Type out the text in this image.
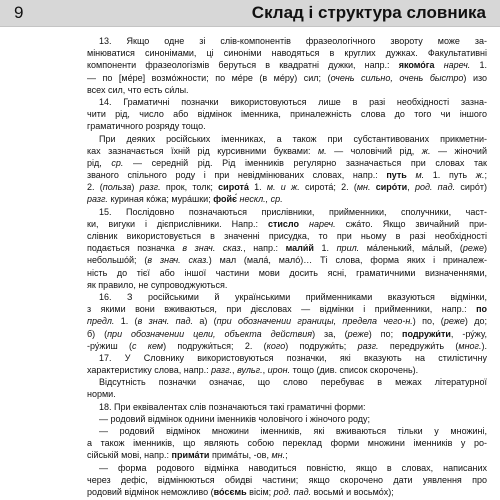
9	Склад і структура словника
13. Якщо одне зі слів-компонентів фразеологічного звороту може за-
мінюватися синонімами, ці синоніми наводяться в круглих дужках. Факультативні
компоненти фразеологізмів беруться в квадратні дужки, напр.: якомо́га нареч. 1.
— по [ме́ре] возмо́жности; по ме́ре (в ме́ру) сил; (очень сильно, очень быстро) изо
всех сил, что есть си́лы.
14. Граматичні позначки використовуються лише в разі необхідності зазна-
чити рід, число або відмінок іменника, приналежність слова до того чи іншого
граматичного розряду тощо.
При деяких російських іменниках, а також при субстантивованих прикметни-
ках зазначається їхній рід курсивними буквами: м. — чоловічий рід, ж. — жіночий
рід, ср. — середній рід. Рід іменників регулярно зазначається при словах так
званого спільного роду і при невідмінюваних словах, напр.: путь м. 1. путь ж.;
2. (польза) разг. прок, толк; сирота́ 1. м. и ж. сирота́; 2. (мн. сиро́ти, род. пад. сиро́т)
разг. куриная ко́жа; мура́шки; фойє́ нескл., ср.
15. Послідовно позначаються прислівники, прийменники, сполучники, част-
ки, вигуки і дієприслівники. Напр.: стисло нареч. сжа́то. Якщо звичайний при-
слівник використовується в значенні присудка, то при ньому в разі необхідності
подається позначка в знач. сказ., напр.: мали́й 1. прил. ма́ленький, ма́лый, (реже)
небольшо́й; (в знач. сказ.) мал (мала́, мало́)… Ті слова, форма яких і приналеж-
ність до тієї або іншої частини мови досить ясні, граматичними визначеннями,
як правило, не супроводжуються.
16. З російськими й українськими прийменниками вказуються відмінки,
з якими вони вживаються, при дієсловах — відмінки і прийменники, напр.: по
предл. 1. (в знач. пад. а) (при обозначении границы, предела чего-н.) по, (реже) до;
б) (при обозначении цели, объекта действия) за, (реже) по; подружи́ти, -ру́жу,
-ру́жиш (с кем) подружи́ться; 2. (кого) подружи́ть; разг. передружи́ть (мног.).
17. У Словнику використовуються позначки, які вказують на стилістичну
характеристику слова, напр.: разг., вульг., ирон. тощо (див. список скорочень).
Відсутність позначки означає, що слово перебуває в межах літературної
норми.
18. При еквівалентах слів позначаються такі граматичні форми:
— родовий відмінок однини іменників чоловічого і жіночого роду;
— родовий відмінок множини іменників, які вживаються тільки у множині,
а також іменників, що являють собою переклад форми множини іменників у ро-
сійській мові, напр.: прима́ти прима́ты, -ов, мн.;
— форма родового відмінка наводиться повністю, якщо в словах, написаних
через дефіс, відмінюються обидві частини; якщо скорочено дати уявлення про
родовий відмінок неможливо (во́сємь вісім; род. пад. восьми́ и восьмо́х);
